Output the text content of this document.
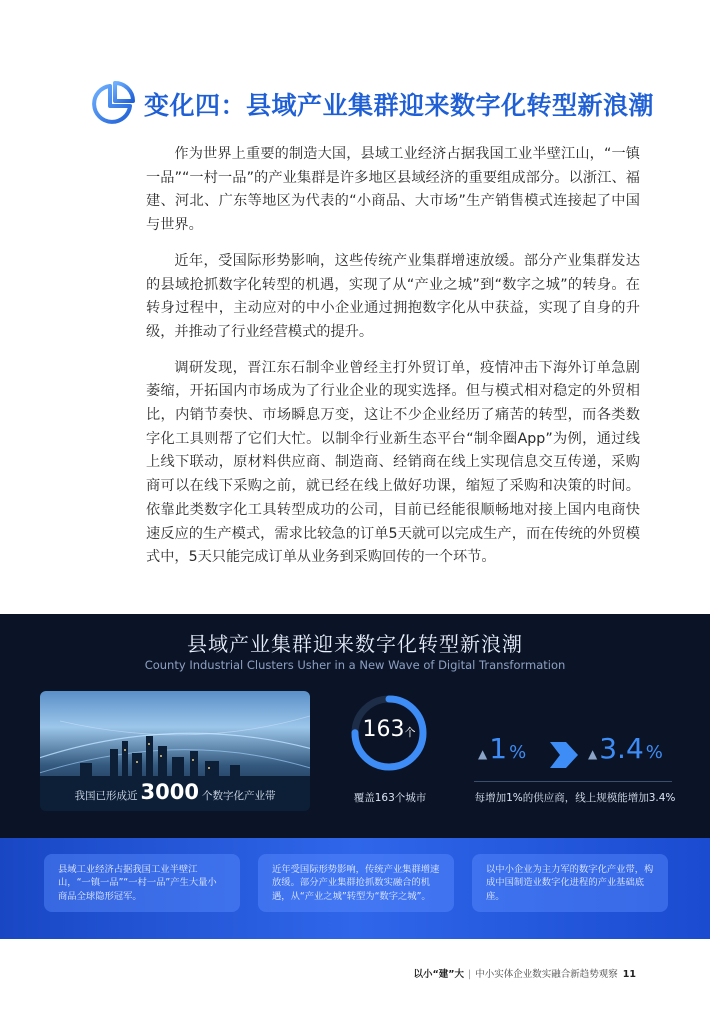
变化四：县域产业集群迎来数字化转型新浪潮

作为世界上重要的制造大国，县域工业经济占据我国工业半壁江山，“一镇一品”“一村一品”的产业集群是许多地区县域经济的重要组成部分。以浙江、福建、河北、广东等地区为代表的“小商品、大市场”生产销售模式连接起了中国与世界。

近年，受国际形势影响，这些传统产业集群增速放缓。部分产业集群发达的县域抢抓数字化转型的机遇，实现了从“产业之城”到“数字之城”的转身。在转身过程中，主动应对的中小企业通过拥抱数字化从中获益，实现了自身的升级，并推动了行业经营模式的提升。

调研发现，晋江东石制伞业曾经主打外贸订单，疫情冲击下海外订单急剧萎缩，开拓国内市场成为了行业企业的现实选择。但与模式相对稳定的外贸相比，内销节奏快、市场瞬息万变，这让不少企业经历了痛苦的转型，而各类数字化工具则帮了它们大忙。以制伞行业新生态平台“制伞圈App”为例，通过线上线下联动，原材料供应商、制造商、经销商在线上实现信息交互传递，采购商可以在线下采购之前，就已经在线上做好功课，缩短了采购和决策的时间。依靠此类数字化工具转型成功的公司，目前已经能很顺畅地对接上国内电商快速反应的生产模式，需求比较急的订单5天就可以完成生产，而在传统的外贸模式中，5天只能完成订单从业务到采购回传的一个环节。

县域产业集群迎来数字化转型新浪潮
County Industrial Clusters Usher in a New Wave of Digital Transformation
我国已形成近 3000 个数字化产业带
163个
覆盖163个城市
▲ 1 %	▲ 3.4 %
每增加1%的供应商，线上规模能增加3.4%
县域工业经济占据我国工业半壁江山，“一镇一品”“一村一品”产生大量小商品全球隐形冠军。
近年受国际形势影响，传统产业集群增速放缓。部分产业集群抢抓数实融合的机遇，从“产业之城”转型为“数字之城”。
以中小企业为主力军的数字化产业带，构成中国制造业数字化进程的产业基础底座。
以小“建”大 | 中小实体企业数实融合新趋势观察 11
